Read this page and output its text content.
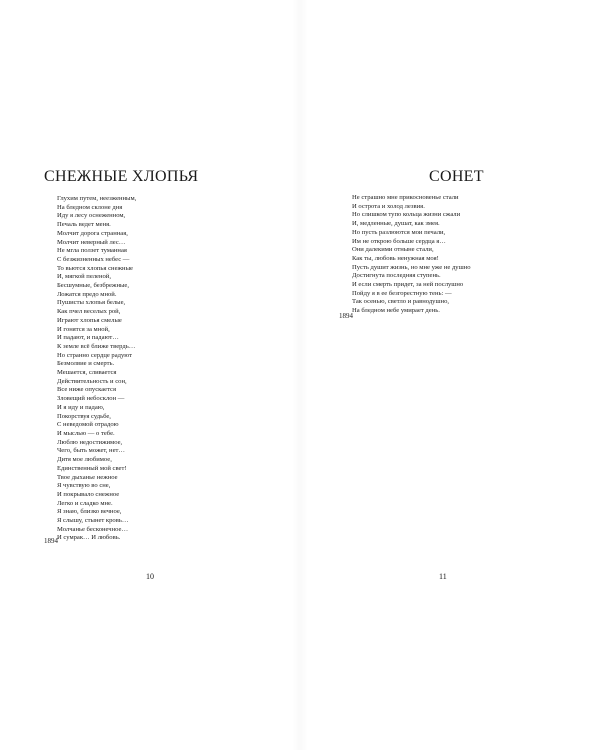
СНЕЖНЫЕ ХЛОПЬЯ
Глухим путем, неезженным,
На бледном склоне дня
Иду я лесу оснеженном,
Печаль ведет меня.
Молчит дорога странная,
Молчит неверный лес…
Не мгла ползет туманная
С безжизненных небес —
То вьются хлопья снежные
И, мягкой пеленой,
Бесшумные, безбрежные,
Ложатся предо мной.
Пушисты хлопья белые,
Как пчел веселых рой,
Играют хлопья смелые
И гонятся за мной,
И падают, и падают…
К земле всё ближе твердь…
Но странно сердце радуют
Безмолвие и смерть.
Мешается, сливается
Действительность и сон,
Все ниже опускается
Зловещий небосклон —
И я иду и падаю,
Покорствуя судьбе,
С неведомой отрадою
И мыслью — о тебе.
Люблю недостижимое,
Чего, быть может, нет…
Дитя мое любимое,
Единственный мой свет!
Твое дыханье нежное
Я чувствую во сне,
И покрывало снежное
Легко и сладко мне.
Я знаю, близко вечное,
Я слышу, стынет кровь…
Молчанье бесконечное…
И сумрак… И любовь.
1894
10
СОНЕТ
Не страшно мне прикосновенье стали
И острота и холод лезвия.
Но слишком тупо кольца жизни сжали
И, медленные, душат, как змея.
Но пусть разлюются мои печали,
Им не открою больше сердца я…
Они далекими отныне стали,
Как ты, любовь ненужная моя!
Пусть душит жизнь, но мне уже не душно
Достигнута последняя ступень.
И если смерть придет, за ней послушно
Пойду я в ее безгорестную тень: —
Так осенью, светло и равнодушно,
На бледном небе умирает день.
1894
11
